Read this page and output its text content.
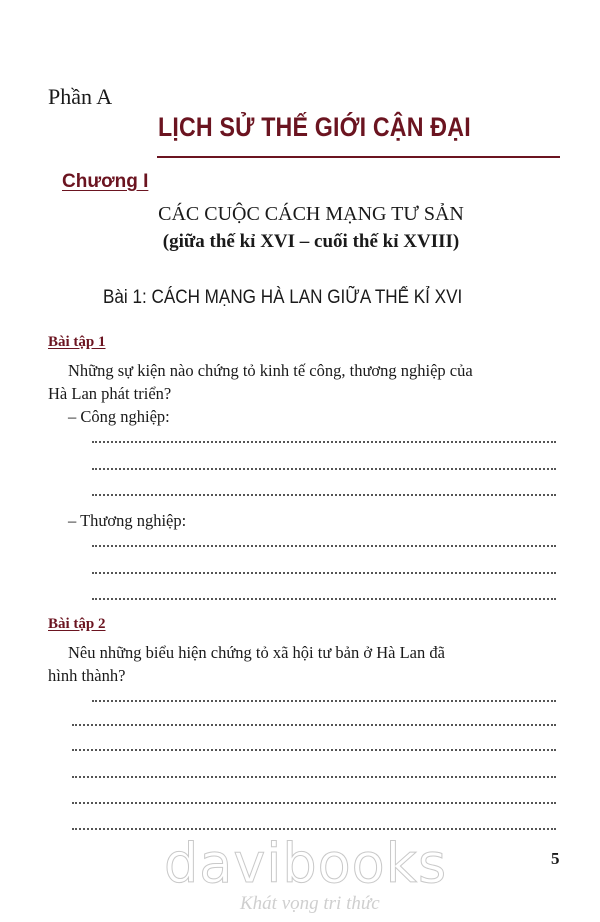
Phần A
LỊCH SỬ THẾ GIỚI CẬN ĐẠI
Chương I
CÁC CUỘC CÁCH MẠNG TƯ SẢN
(giữa thế kỉ XVI – cuối thế kỉ XVIII)
Bài 1: CÁCH MẠNG HÀ LAN GIỮA THẾ KỈ XVI
Bài tập 1
Những sự kiện nào chứng tỏ kinh tế công, thương nghiệp của
Hà Lan phát triển?
– Công nghiệp:
– Thương nghiệp:
Bài tập 2
Nêu những biểu hiện chứng tỏ xã hội tư bản ở Hà Lan đã
hình thành?
5
davibooks
Khát vọng tri thức
